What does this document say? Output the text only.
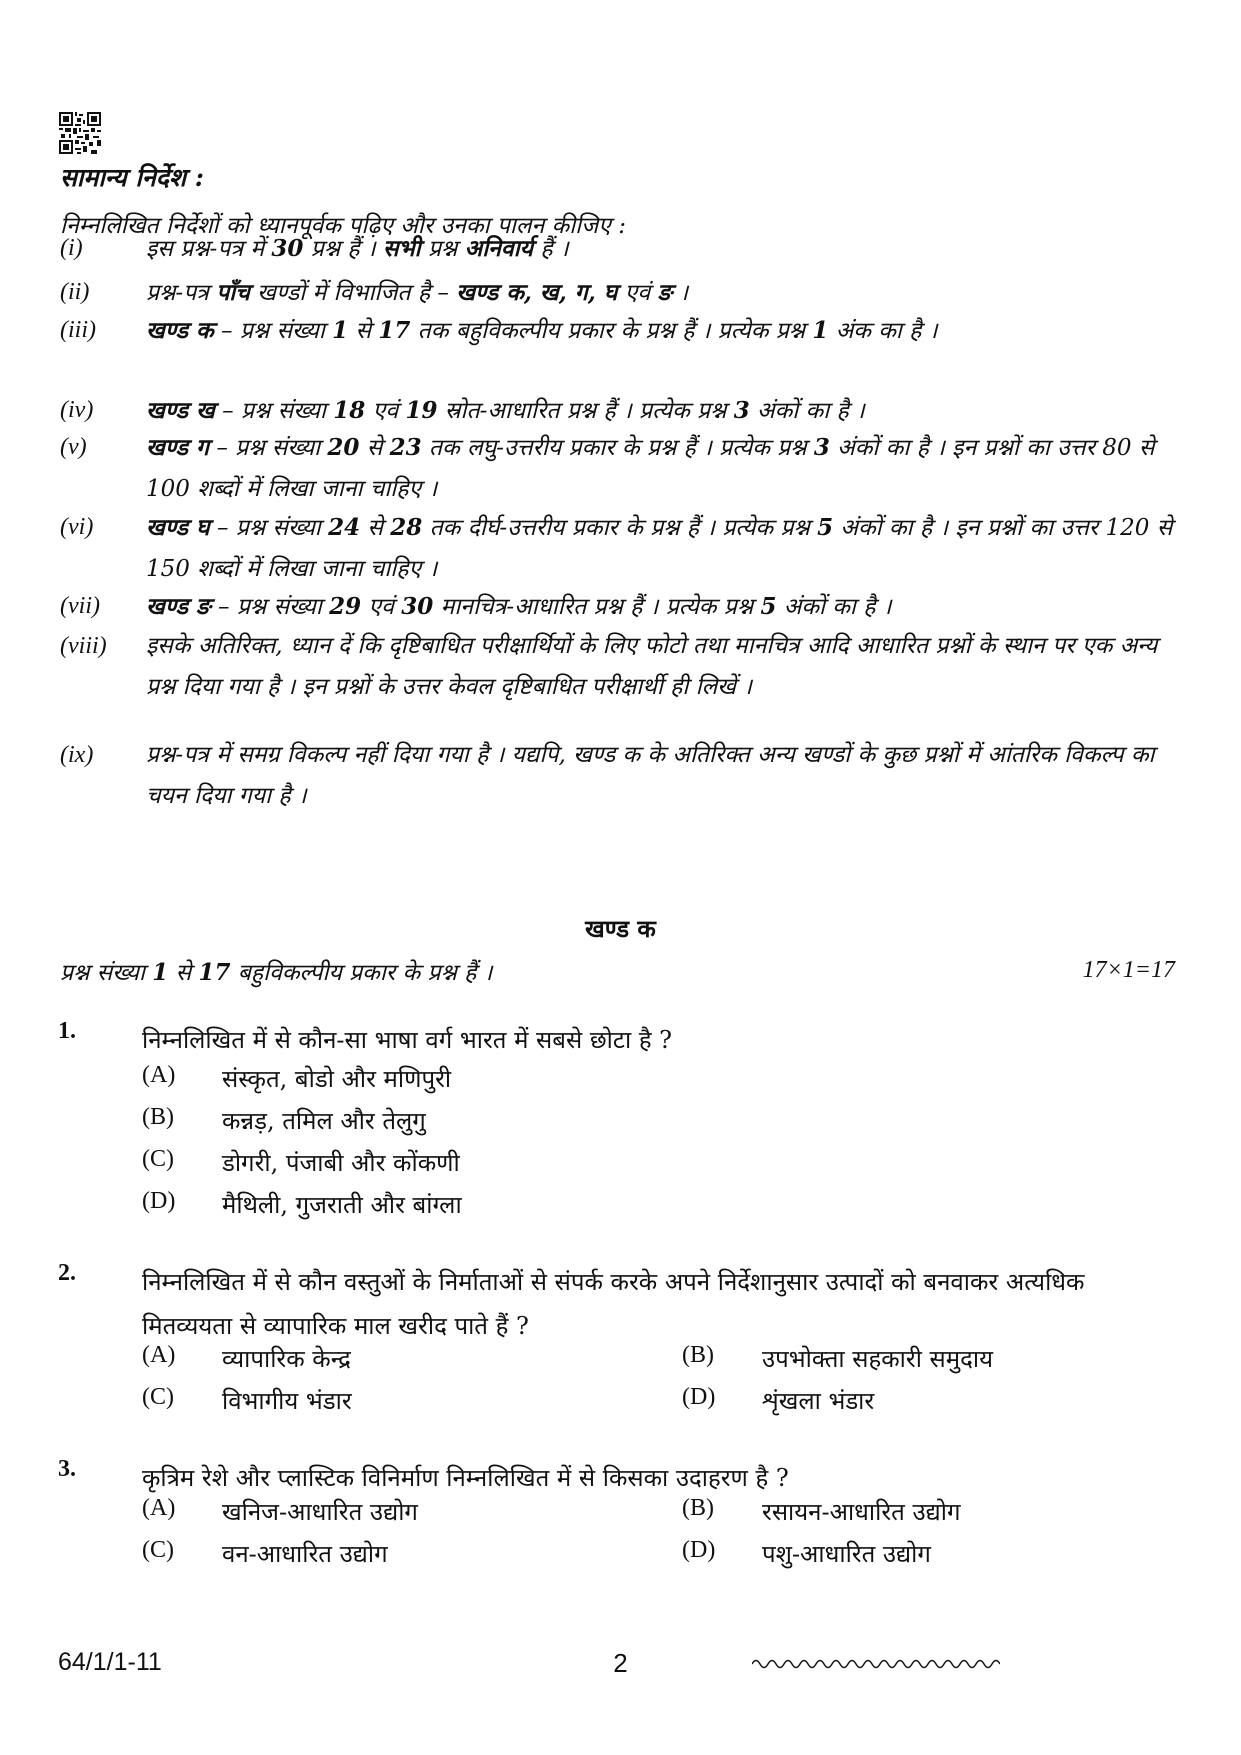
सामान्य निर्देश :
निम्नलिखित निर्देशों को ध्यानपूर्वक पढ़िए और उनका पालन कीजिए :
(i)	इस प्रश्न-पत्र में 30 प्रश्न हैं । सभी प्रश्न अनिवार्य हैं ।
(ii) प्रश्न-पत्र पाँच खण्डों में विभाजित है – खण्ड क, ख, ग, घ एवं ङ ।
(iii) खण्ड क – प्रश्न संख्या 1 से 17 तक बहुविकल्पीय प्रकार के प्रश्न हैं । प्रत्येक प्रश्न 1 अंक का है ।
(iv) खण्ड ख – प्रश्न संख्या 18 एवं 19 स्रोत-आधारित प्रश्न हैं । प्रत्येक प्रश्न 3 अंकों का है ।
(v)	खण्ड ग – प्रश्न संख्या 20 से 23 तक लघु-उत्तरीय प्रकार के प्रश्न हैं । प्रत्येक प्रश्न 3 अंकों का है । इन प्रश्नों का उत्तर 80 से 100 शब्दों में लिखा जाना चाहिए ।
(vi) खण्ड घ – प्रश्न संख्या 24 से 28 तक दीर्घ-उत्तरीय प्रकार के प्रश्न हैं । प्रत्येक प्रश्न 5 अंकों का है । इन प्रश्नों का उत्तर 120 से 150 शब्दों में लिखा जाना चाहिए ।
(vii) खण्ड ङ – प्रश्न संख्या 29 एवं 30 मानचित्र-आधारित प्रश्न हैं । प्रत्येक प्रश्न 5 अंकों का है ।
(viii) इसके अतिरिक्त, ध्यान दें कि दृष्टिबाधित परीक्षार्थियों के लिए फोटो तथा मानचित्र आदि आधारित प्रश्नों के स्थान पर एक अन्य प्रश्न दिया गया है । इन प्रश्नों के उत्तर केवल दृष्टिबाधित परीक्षार्थी ही लिखें ।
(ix) प्रश्न-पत्र में समग्र विकल्प नहीं दिया गया है । यद्यपि, खण्ड क के अतिरिक्त अन्य खण्डों के कुछ प्रश्नों में आंतरिक विकल्प का चयन दिया गया है ।
खण्ड क
प्रश्न संख्या 1 से 17 बहुविकल्पीय प्रकार के प्रश्न हैं ।	17×1=17
1.	निम्नलिखित में से कौन-सा भाषा वर्ग भारत में सबसे छोटा है ?
(A) संस्कृत, बोडो और मणिपुरी
(B) कन्नड़, तमिल और तेलुगु
(C) डोगरी, पंजाबी और कोंकणी
(D) मैथिली, गुजराती और बांग्ला
2.	निम्नलिखित में से कौन वस्तुओं के निर्माताओं से संपर्क करके अपने निर्देशानुसार उत्पादों को बनवाकर अत्यधिक मितव्ययता से व्यापारिक माल खरीद पाते हैं ?
(A) व्यापारिक केन्द्र	(B) उपभोक्ता सहकारी समुदाय
(C) विभागीय भंडार	(D) शृंखला भंडार
3.	कृत्रिम रेशे और प्लास्टिक विनिर्माण निम्नलिखित में से किसका उदाहरण है ?
(A) खनिज-आधारित उद्योग	(B) रसायन-आधारित उद्योग
(C) वन-आधारित उद्योग	(D) पशु-आधारित उद्योग
64/1/1-11	2
